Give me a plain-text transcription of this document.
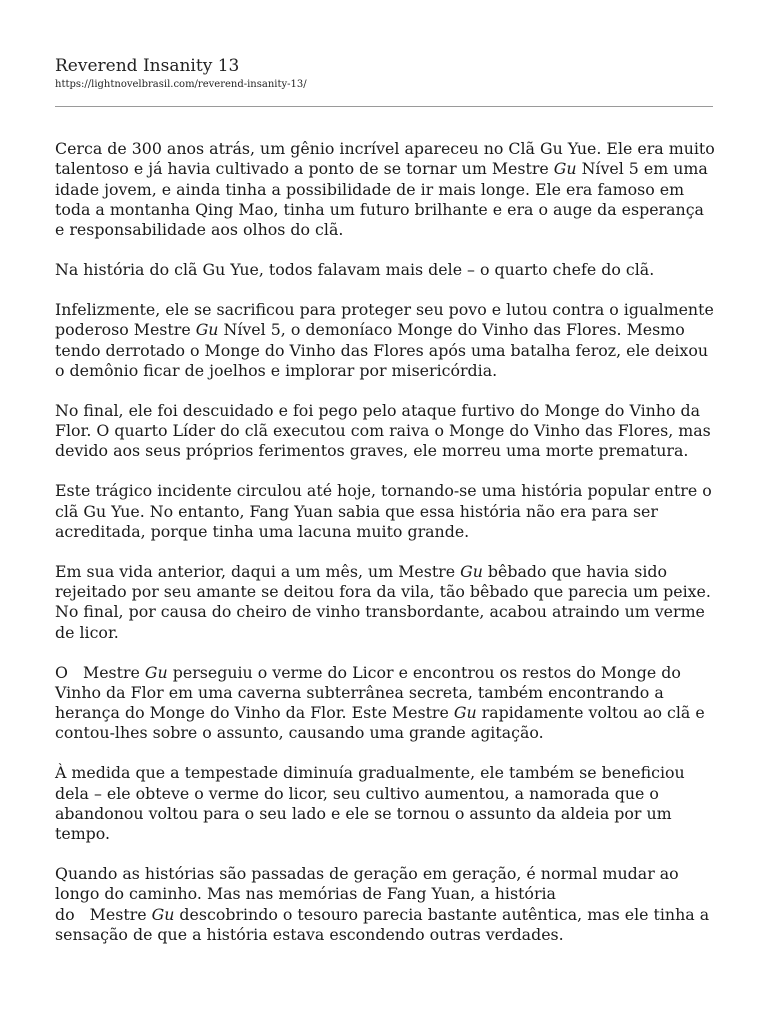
Reverend Insanity 13
https://lightnovelbrasil.com/reverend-insanity-13/

Cerca de 300 anos atrás, um gênio incrível apareceu no Clã Gu Yue. Ele era muito talentoso e já havia cultivado a ponto de se tornar um Mestre Gu Nível 5 em uma idade jovem, e ainda tinha a possibilidade de ir mais longe. Ele era famoso em toda a montanha Qing Mao, tinha um futuro brilhante e era o auge da esperança e responsabilidade aos olhos do clã.

Na história do clã Gu Yue, todos falavam mais dele – o quarto chefe do clã.

Infelizmente, ele se sacrificou para proteger seu povo e lutou contra o igualmente poderoso Mestre Gu Nível 5, o demoníaco Monge do Vinho das Flores. Mesmo tendo derrotado o Monge do Vinho das Flores após uma batalha feroz, ele deixou o demônio ficar de joelhos e implorar por misericórdia.

No final, ele foi descuidado e foi pego pelo ataque furtivo do Monge do Vinho da Flor. O quarto Líder do clã executou com raiva o Monge do Vinho das Flores, mas devido aos seus próprios ferimentos graves, ele morreu uma morte prematura.

Este trágico incidente circulou até hoje, tornando-se uma história popular entre o clã Gu Yue. No entanto, Fang Yuan sabia que essa história não era para ser acreditada, porque tinha uma lacuna muito grande.

Em sua vida anterior, daqui a um mês, um Mestre Gu bêbado que havia sido rejeitado por seu amante se deitou fora da vila, tão bêbado que parecia um peixe. No final, por causa do cheiro de vinho transbordante, acabou atraindo um verme de licor.

O   Mestre Gu perseguiu o verme do Licor e encontrou os restos do Monge do Vinho da Flor em uma caverna subterrânea secreta, também encontrando a herança do Monge do Vinho da Flor. Este Mestre Gu rapidamente voltou ao clã e contou-lhes sobre o assunto, causando uma grande agitação.

À medida que a tempestade diminuía gradualmente, ele também se beneficiou dela – ele obteve o verme do licor, seu cultivo aumentou, a namorada que o abandonou voltou para o seu lado e ele se tornou o assunto da aldeia por um tempo.

Quando as histórias são passadas de geração em geração, é normal mudar ao longo do caminho. Mas nas memórias de Fang Yuan, a história
do   Mestre Gu descobrindo o tesouro parecia bastante autêntica, mas ele tinha a sensação de que a história estava escondendo outras verdades.
